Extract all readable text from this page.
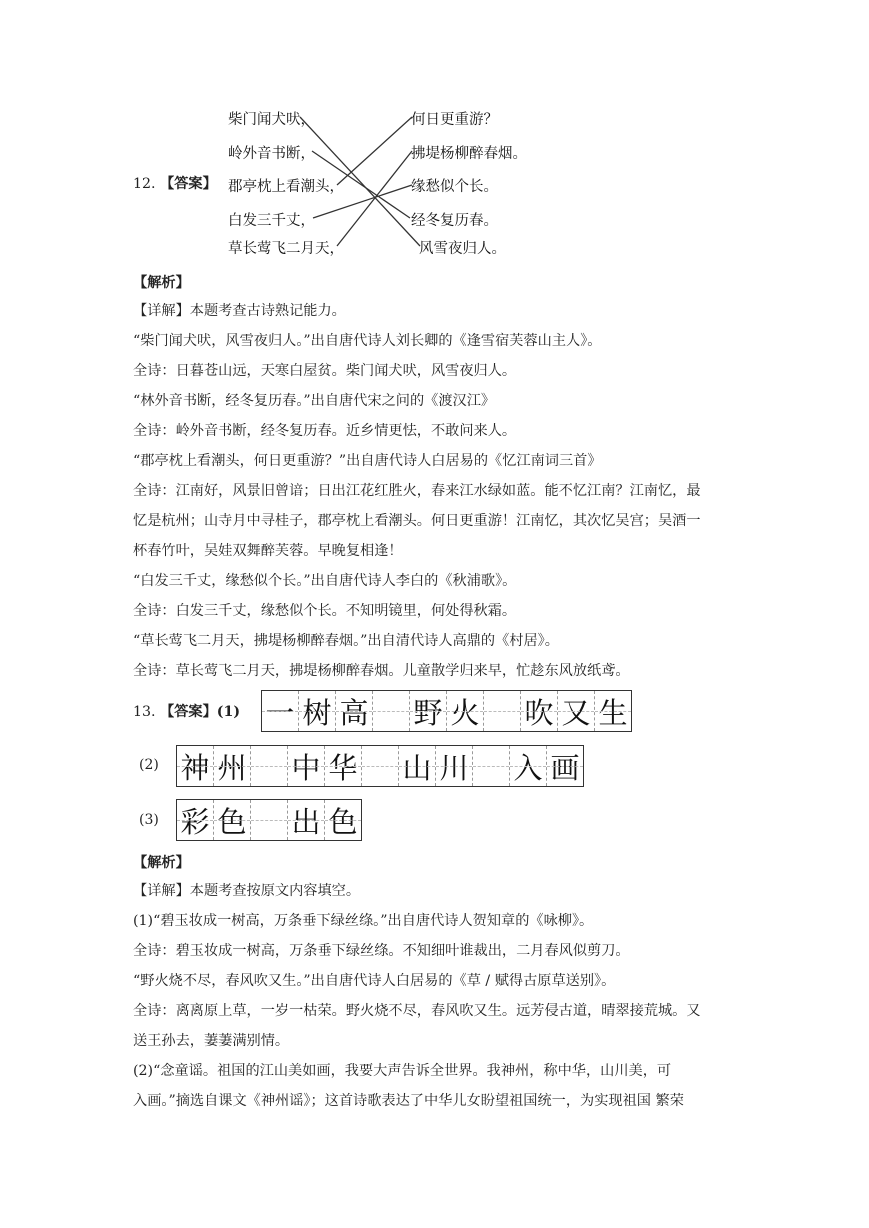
12. 【答案】
柴门闻犬吠，
岭外音书断，
郡亭枕上看潮头，
白发三千丈，
草长莺飞二月天，
何日更重游？
拂堤杨柳醉春烟。
缘愁似个长。
经冬复历春。
风雪夜归人。
【解析】
【详解】本题考查古诗熟记能力。
“柴门闻犬吠，风雪夜归人。”出自唐代诗人刘长卿的《逢雪宿芙蓉山主人》。
全诗：日暮苍山远，天寒白屋贫。柴门闻犬吠，风雪夜归人。
“林外音书断，经冬复历春。”出自唐代宋之问的《渡汉江》
全诗：岭外音书断，经冬复历春。近乡情更怯，不敢问来人。
“郡亭枕上看潮头，何日更重游？”出自唐代诗人白居易的《忆江南词三首》
全诗：江南好，风景旧曾谙；日出江花红胜火，春来江水绿如蓝。能不忆江南？江南忆，最
忆是杭州；山寺月中寻桂子，郡亭枕上看潮头。何日更重游！江南忆，其次忆吴宫；吴酒一
杯春竹叶，吴娃双舞醉芙蓉。早晚复相逢！
“白发三千丈，缘愁似个长。”出自唐代诗人李白的《秋浦歌》。
全诗：白发三千丈，缘愁似个长。不知明镜里，何处得秋霜。
“草长莺飞二月天，拂堤杨柳醉春烟。”出自清代诗人高鼎的《村居》。
全诗：草长莺飞二月天，拂堤杨柳醉春烟。儿童散学归来早，忙趁东风放纸鸢。
13. 【答案】(1) 一 树 高 野 火 吹 又 生
(2) 神 州 中 华 山 川 入 画
(3) 彩 色 出 色
【解析】
【详解】本题考查按原文内容填空。
(1)“碧玉妆成一树高，万条垂下绿丝绦。”出自唐代诗人贺知章的《咏柳》。
全诗：碧玉妆成一树高，万条垂下绿丝绦。不知细叶谁裁出，二月春风似剪刀。
“野火烧不尽，春风吹又生。”出自唐代诗人白居易的《草 / 赋得古原草送别》。
全诗：离离原上草，一岁一枯荣。野火烧不尽，春风吹又生。远芳侵古道，晴翠接荒城。又
送王孙去，萋萋满别情。
(2)“念童谣。祖国的江山美如画，我要大声告诉全世界。我神州，称中华，山川美，可
入画。”摘选自课文《神州谣》；这首诗歌表达了中华儿女盼望祖国统一，为实现祖国 繁荣
